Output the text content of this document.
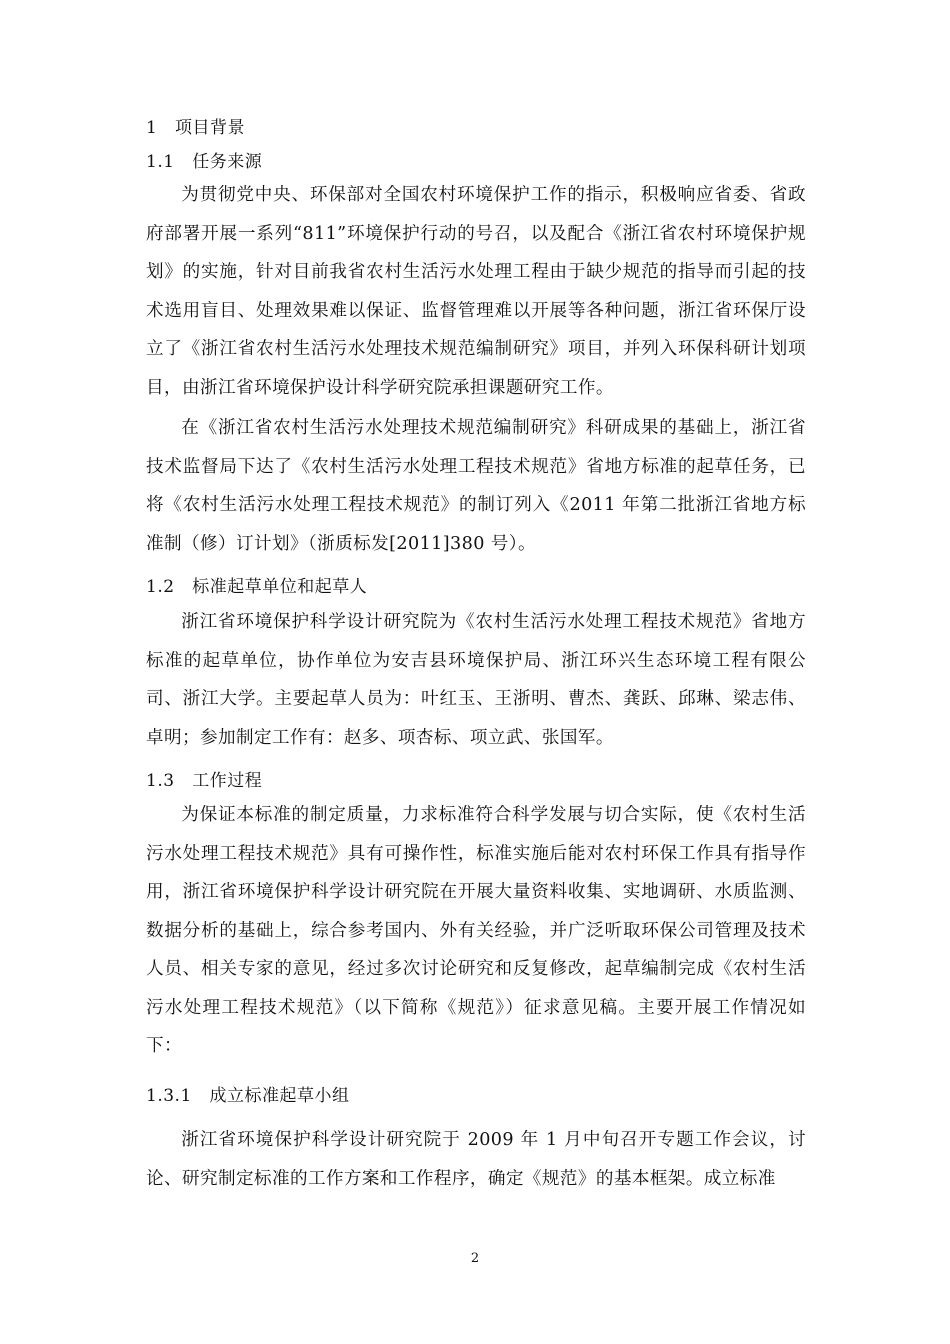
1   项目背景
1.1   任务来源
为贯彻党中央、环保部对全国农村环境保护工作的指示，积极响应省委、省政府部署开展一系列“811”环境保护行动的号召，以及配合《浙江省农村环境保护规划》的实施，针对目前我省农村生活污水处理工程由于缺少规范的指导而引起的技术选用盲目、处理效果难以保证、监督管理难以开展等各种问题，浙江省环保厅设立了《浙江省农村生活污水处理技术规范编制研究》项目，并列入环保科研计划项目，由浙江省环境保护设计科学研究院承担课题研究工作。
在《浙江省农村生活污水处理技术规范编制研究》科研成果的基础上，浙江省技术监督局下达了《农村生活污水处理工程技术规范》省地方标准的起草任务，已将《农村生活污水处理工程技术规范》的制订列入《2011 年第二批浙江省地方标准制（修）订计划》（浙质标发[2011]380 号）。
1.2   标准起草单位和起草人
浙江省环境保护科学设计研究院为《农村生活污水处理工程技术规范》省地方标准的起草单位，协作单位为安吉县环境保护局、浙江环兴生态环境工程有限公司、浙江大学。主要起草人员为：叶红玉、王浙明、曹杰、龚跃、邱琳、梁志伟、卓明；参加制定工作有：赵多、项杏标、项立武、张国军。
1.3   工作过程
为保证本标准的制定质量，力求标准符合科学发展与切合实际，使《农村生活污水处理工程技术规范》具有可操作性，标准实施后能对农村环保工作具有指导作用，浙江省环境保护科学设计研究院在开展大量资料收集、实地调研、水质监测、数据分析的基础上，综合参考国内、外有关经验，并广泛听取环保公司管理及技术人员、相关专家的意见，经过多次讨论研究和反复修改，起草编制完成《农村生活污水处理工程技术规范》（以下简称《规范》）征求意见稿。主要开展工作情况如下：
1.3.1   成立标准起草小组
浙江省环境保护科学设计研究院于 2009 年 1 月中旬召开专题工作会议，讨论、研究制定标准的工作方案和工作程序，确定《规范》的基本框架。成立标准
2
